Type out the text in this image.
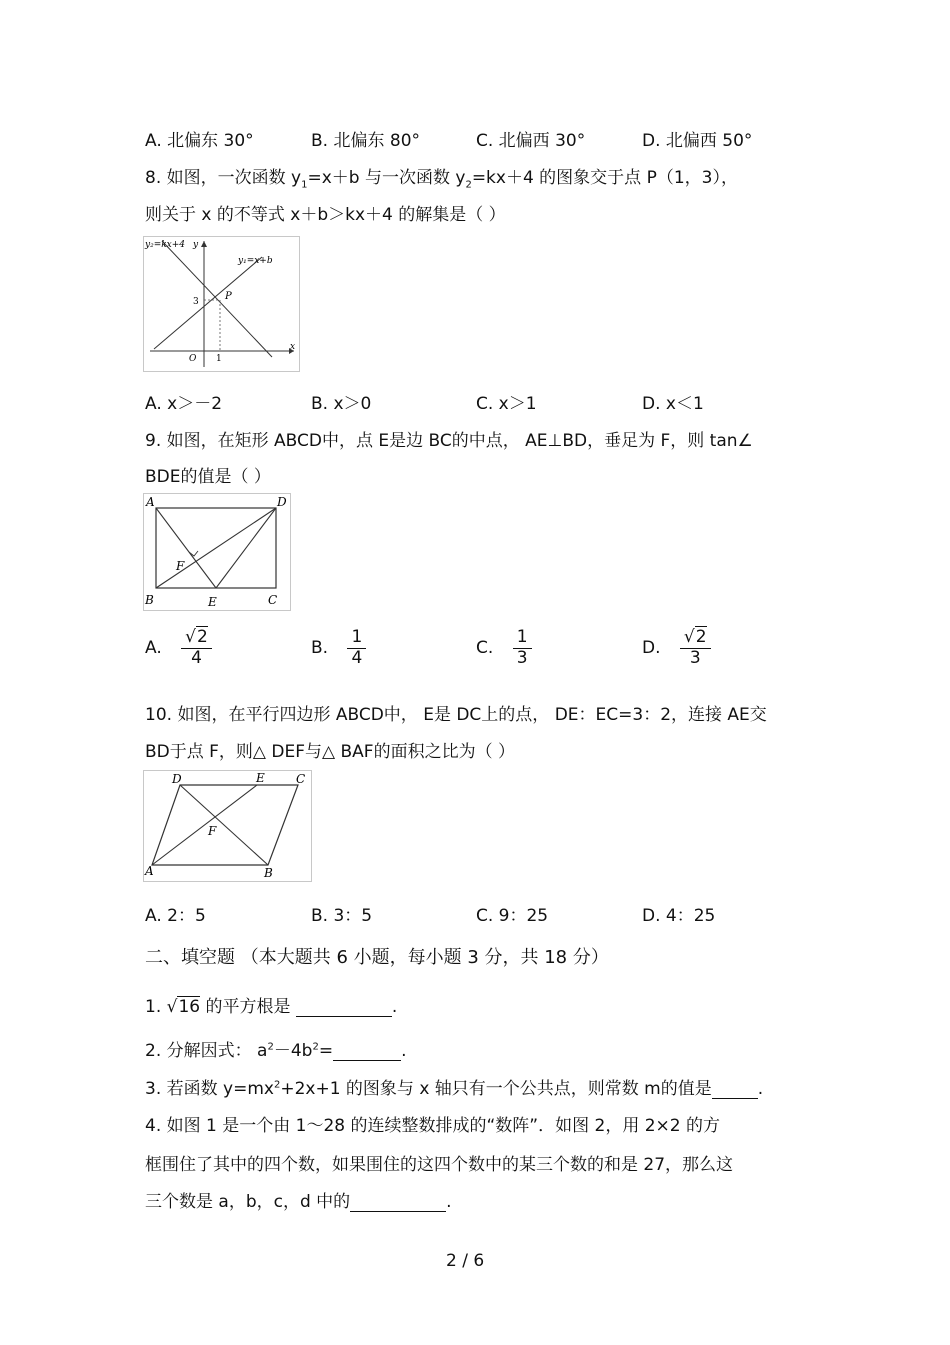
A. 北偏东 30°	B. 北偏东 80°	C. 北偏西 30°	D. 北偏西 50°
8. 如图，一次函数 $y_1=x+b$ 与一次函数 $y_2=kx+4$ 的图象交于点 P（1，3），
则关于 x 的不等式 x＋b＞kx＋4 的解集是（ ）
y₂=kx+4 y
y₁=x+b
3	P
O 1
x
A. x＞－2	B. x＞0	C. x＞1	D. x＜1
9. 如图，在矩形 ABCD中，点 E是边 BC的中点， AE⊥BD，垂足为 F，则 tan∠
BDE的值是（ ）
A	D
F
B	E	C
A. $\frac{√2}{4}$	B. $\frac{1}{4}$	C. $\frac{1}{3}$	D. $\frac{√2}{3}$
10. 如图，在平行四边形 ABCD中， E是 DC上的点， DE：EC=3：2，连接 AE交
BD于点 F，则△ DEF与△ BAF的面积之比为（ ）
D	E	C
F
A	B
A. 2：5	B. 3：5	C. 9：25	D. 4：25
二、填空题 （本大题共 6 小题，每小题 3 分，共 18 分）
1. √16 的平方根是	.
2. 分解因式： $a^2-4b^2=$	.
3. 若函数 $y=mx^2+2x+1$ 的图象与 x 轴只有一个公共点，则常数 m的值是	.
4. 如图 1 是一个由 1～28 的连续整数排成的“数阵”．如图 2，用 2×2 的方
框围住了其中的四个数，如果围住的这四个数中的某三个数的和是 27，那么这
三个数是 a，b，c，d 中的	.
2 / 6
